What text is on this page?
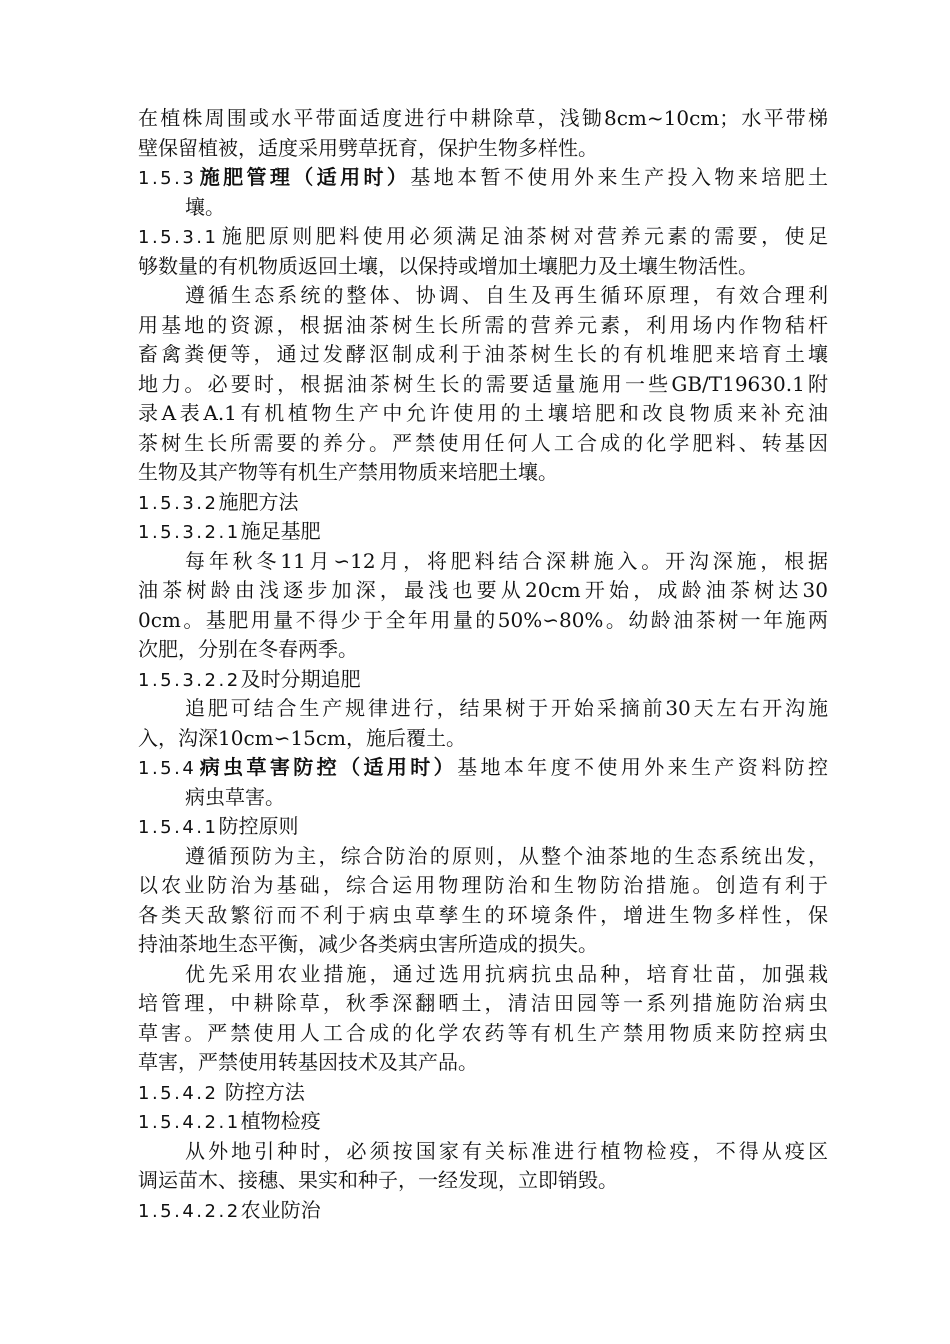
在植株周围或水平带面适度进行中耕除草，浅锄8cm~10cm；水平带梯
壁保留植被，适度采用劈草抚育，保护生物多样性。
1.5.3施肥管理（适用时）基地本暂不使用外来生产投入物来培肥土
壤。
1.5.3.1施肥原则肥料使用必须满足油茶树对营养元素的需要，使足
够数量的有机物质返回土壤，以保持或增加土壤肥力及土壤生物活性。
遵循生态系统的整体、协调、自生及再生循环原理，有效合理利
用基地的资源，根据油茶树生长所需的营养元素，利用场内作物秸杆
畜禽粪便等，通过发酵沤制成利于油茶树生长的有机堆肥来培育土壤
地力。必要时，根据油茶树生长的需要适量施用一些GB/T19630.1附
录A表A.1有机植物生产中允许使用的土壤培肥和改良物质来补充油
茶树生长所需要的养分。严禁使用任何人工合成的化学肥料、转基因
生物及其产物等有机生产禁用物质来培肥土壤。
1.5.3.2施肥方法
1.5.3.2.1施足基肥
每年秋冬11月∽12月，将肥料结合深耕施入。开沟深施，根据
油茶树龄由浅逐步加深，最浅也要从20cm开始，成龄油茶树达30
0cm。基肥用量不得少于全年用量的50%∽80%。幼龄油茶树一年施两
次肥，分别在冬春两季。
1.5.3.2.2及时分期追肥
追肥可结合生产规律进行，结果树于开始采摘前30天左右开沟施
入，沟深10cm∽15cm，施后覆土。
1.5.4病虫草害防控（适用时）基地本年度不使用外来生产资料防控
病虫草害。
1.5.4.1防控原则
遵循预防为主，综合防治的原则，从整个油茶地的生态系统出发，
以农业防治为基础，综合运用物理防治和生物防治措施。创造有利于
各类天敌繁衍而不利于病虫草孳生的环境条件，增进生物多样性，保
持油茶地生态平衡，减少各类病虫害所造成的损失。
优先采用农业措施，通过选用抗病抗虫品种，培育壮苗，加强栽
培管理，中耕除草，秋季深翻晒土，清洁田园等一系列措施防治病虫
草害。严禁使用人工合成的化学农药等有机生产禁用物质来防控病虫
草害，严禁使用转基因技术及其产品。
1.5.4.2 防控方法
1.5.4.2.1植物检疫
从外地引种时，必须按国家有关标准进行植物检疫，不得从疫区
调运苗木、接穗、果实和种子，一经发现，立即销毁。
1.5.4.2.2农业防治
